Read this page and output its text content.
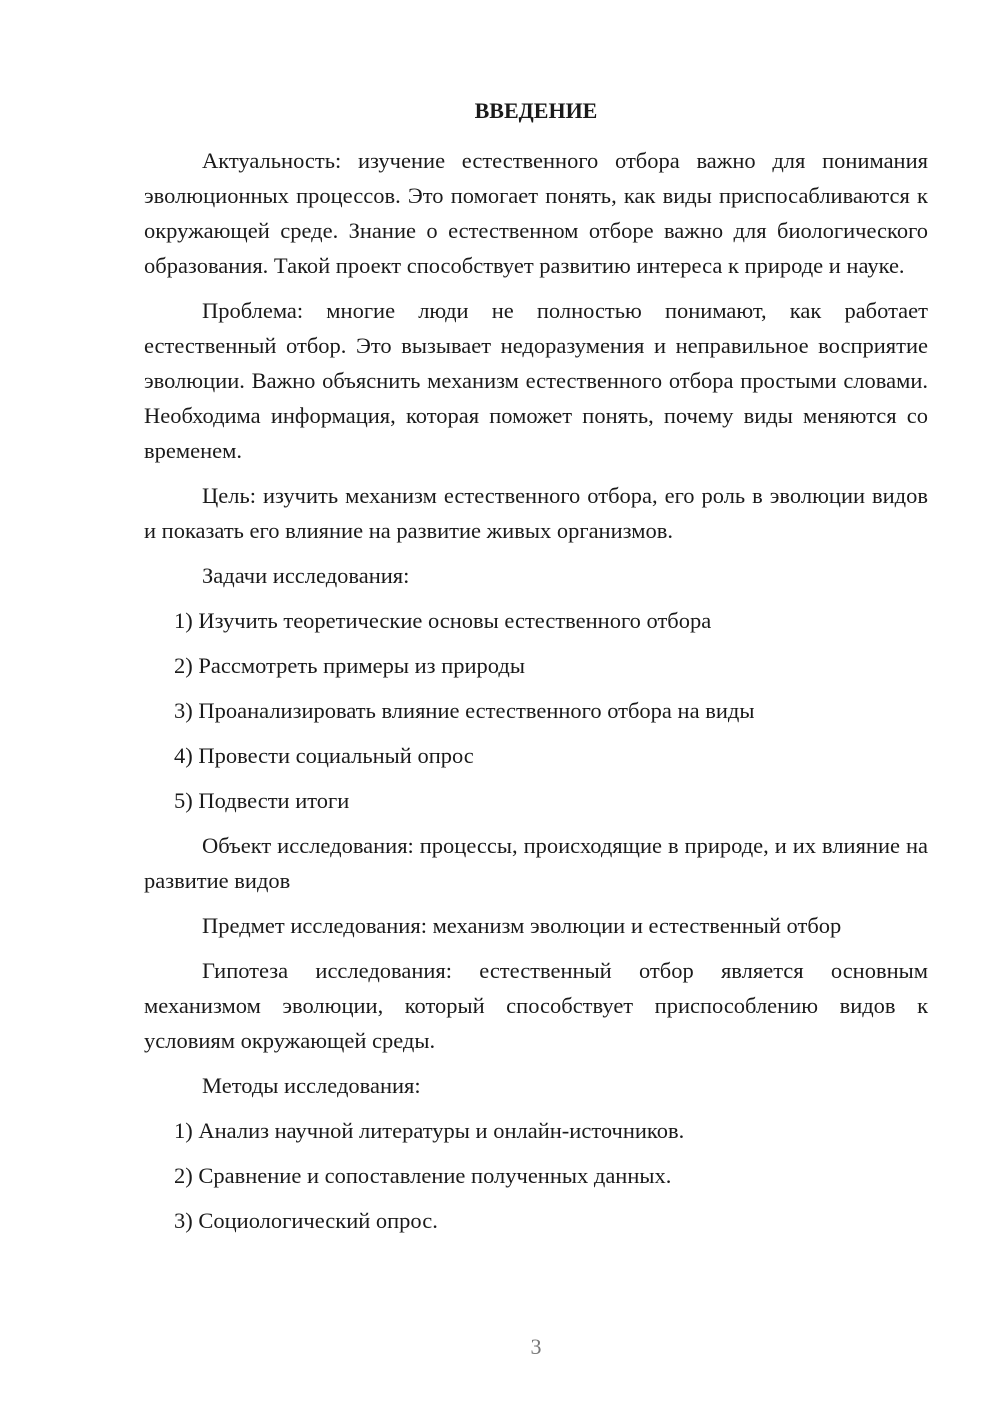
ВВЕДЕНИЕ

Актуальность: изучение естественного отбора важно для понимания эволюционных процессов. Это помогает понять, как виды приспосабливаются к окружающей среде. Знание о естественном отборе важно для биологического образования. Такой проект способствует развитию интереса к природе и науке.

Проблема: многие люди не полностью понимают, как работает естественный отбор. Это вызывает недоразумения и неправильное восприятие эволюции. Важно объяснить механизм естественного отбора простыми словами. Необходима информация, которая поможет понять, почему виды меняются со временем.

Цель: изучить механизм естественного отбора, его роль в эволюции видов и показать его влияние на развитие живых организмов.

Задачи исследования:

1) Изучить теоретические основы естественного отбора
2) Рассмотреть примеры из природы
3) Проанализировать влияние естественного отбора на виды
4) Провести социальный опрос
5) Подвести итоги

Объект исследования: процессы, происходящие в природе, и их влияние на развитие видов

Предмет исследования: механизм эволюции и естественный отбор

Гипотеза исследования: естественный отбор является основным механизмом эволюции, который способствует приспособлению видов к условиям окружающей среды.

Методы исследования:

1) Анализ научной литературы и онлайн-источников.
2) Сравнение и сопоставление полученных данных.
3) Социологический опрос.
3
